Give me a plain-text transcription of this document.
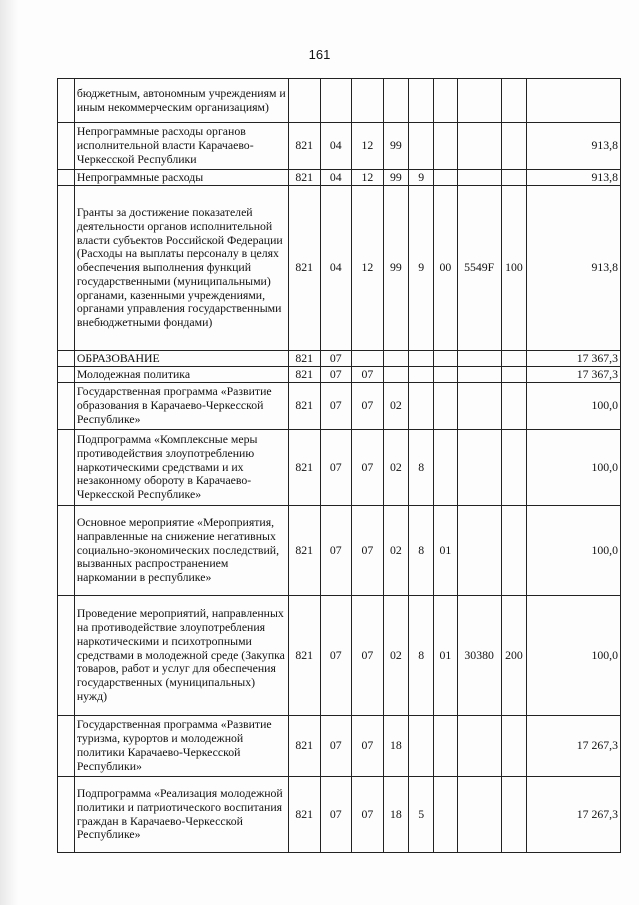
161
	бюджетным, автономным учреждениям и иным некоммерческим организациям)									
	Непрограммные расходы органов исполнительной власти Карачаево-Черкесской Республики	821	04	12	99					913,8
	Непрограммные расходы	821	04	12	99	9				913,8
	Гранты за достижение показателей деятельности органов исполнительной власти субъектов Российской Федерации (Расходы на выплаты персоналу в целях обеспечения выполнения функций государственными (муниципальными) органами, казенными учреждениями, органами управления государственными внебюджетными фондами)	821	04	12	99	9	00	5549F	100	913,8
	ОБРАЗОВАНИЕ	821	07							17 367,3
	Молодежная политика	821	07	07						17 367,3
	Государственная программа «Развитие образования в Карачаево-Черкесской Республике»	821	07	07	02					100,0
	Подпрограмма «Комплексные меры противодействия злоупотреблению наркотическими средствами и их незаконному обороту в Карачаево-Черкесской Республике»	821	07	07	02	8				100,0
	Основное мероприятие «Мероприятия, направленные на снижение негативных социально-экономических последствий, вызванных распространением наркомании в республике»	821	07	07	02	8	01			100,0
	Проведение мероприятий, направленных на противодействие злоупотребления наркотическими и психотропными средствами в молодежной среде (Закупка товаров, работ и услуг для обеспечения государственных (муниципальных) нужд)	821	07	07	02	8	01	30380	200	100,0
	Государственная программа «Развитие туризма, курортов и молодежной политики Карачаево-Черкесской Республики»	821	07	07	18					17 267,3
	Подпрограмма «Реализация молодежной политики и патриотического воспитания граждан в Карачаево-Черкесской Республике»	821	07	07	18	5				17 267,3
